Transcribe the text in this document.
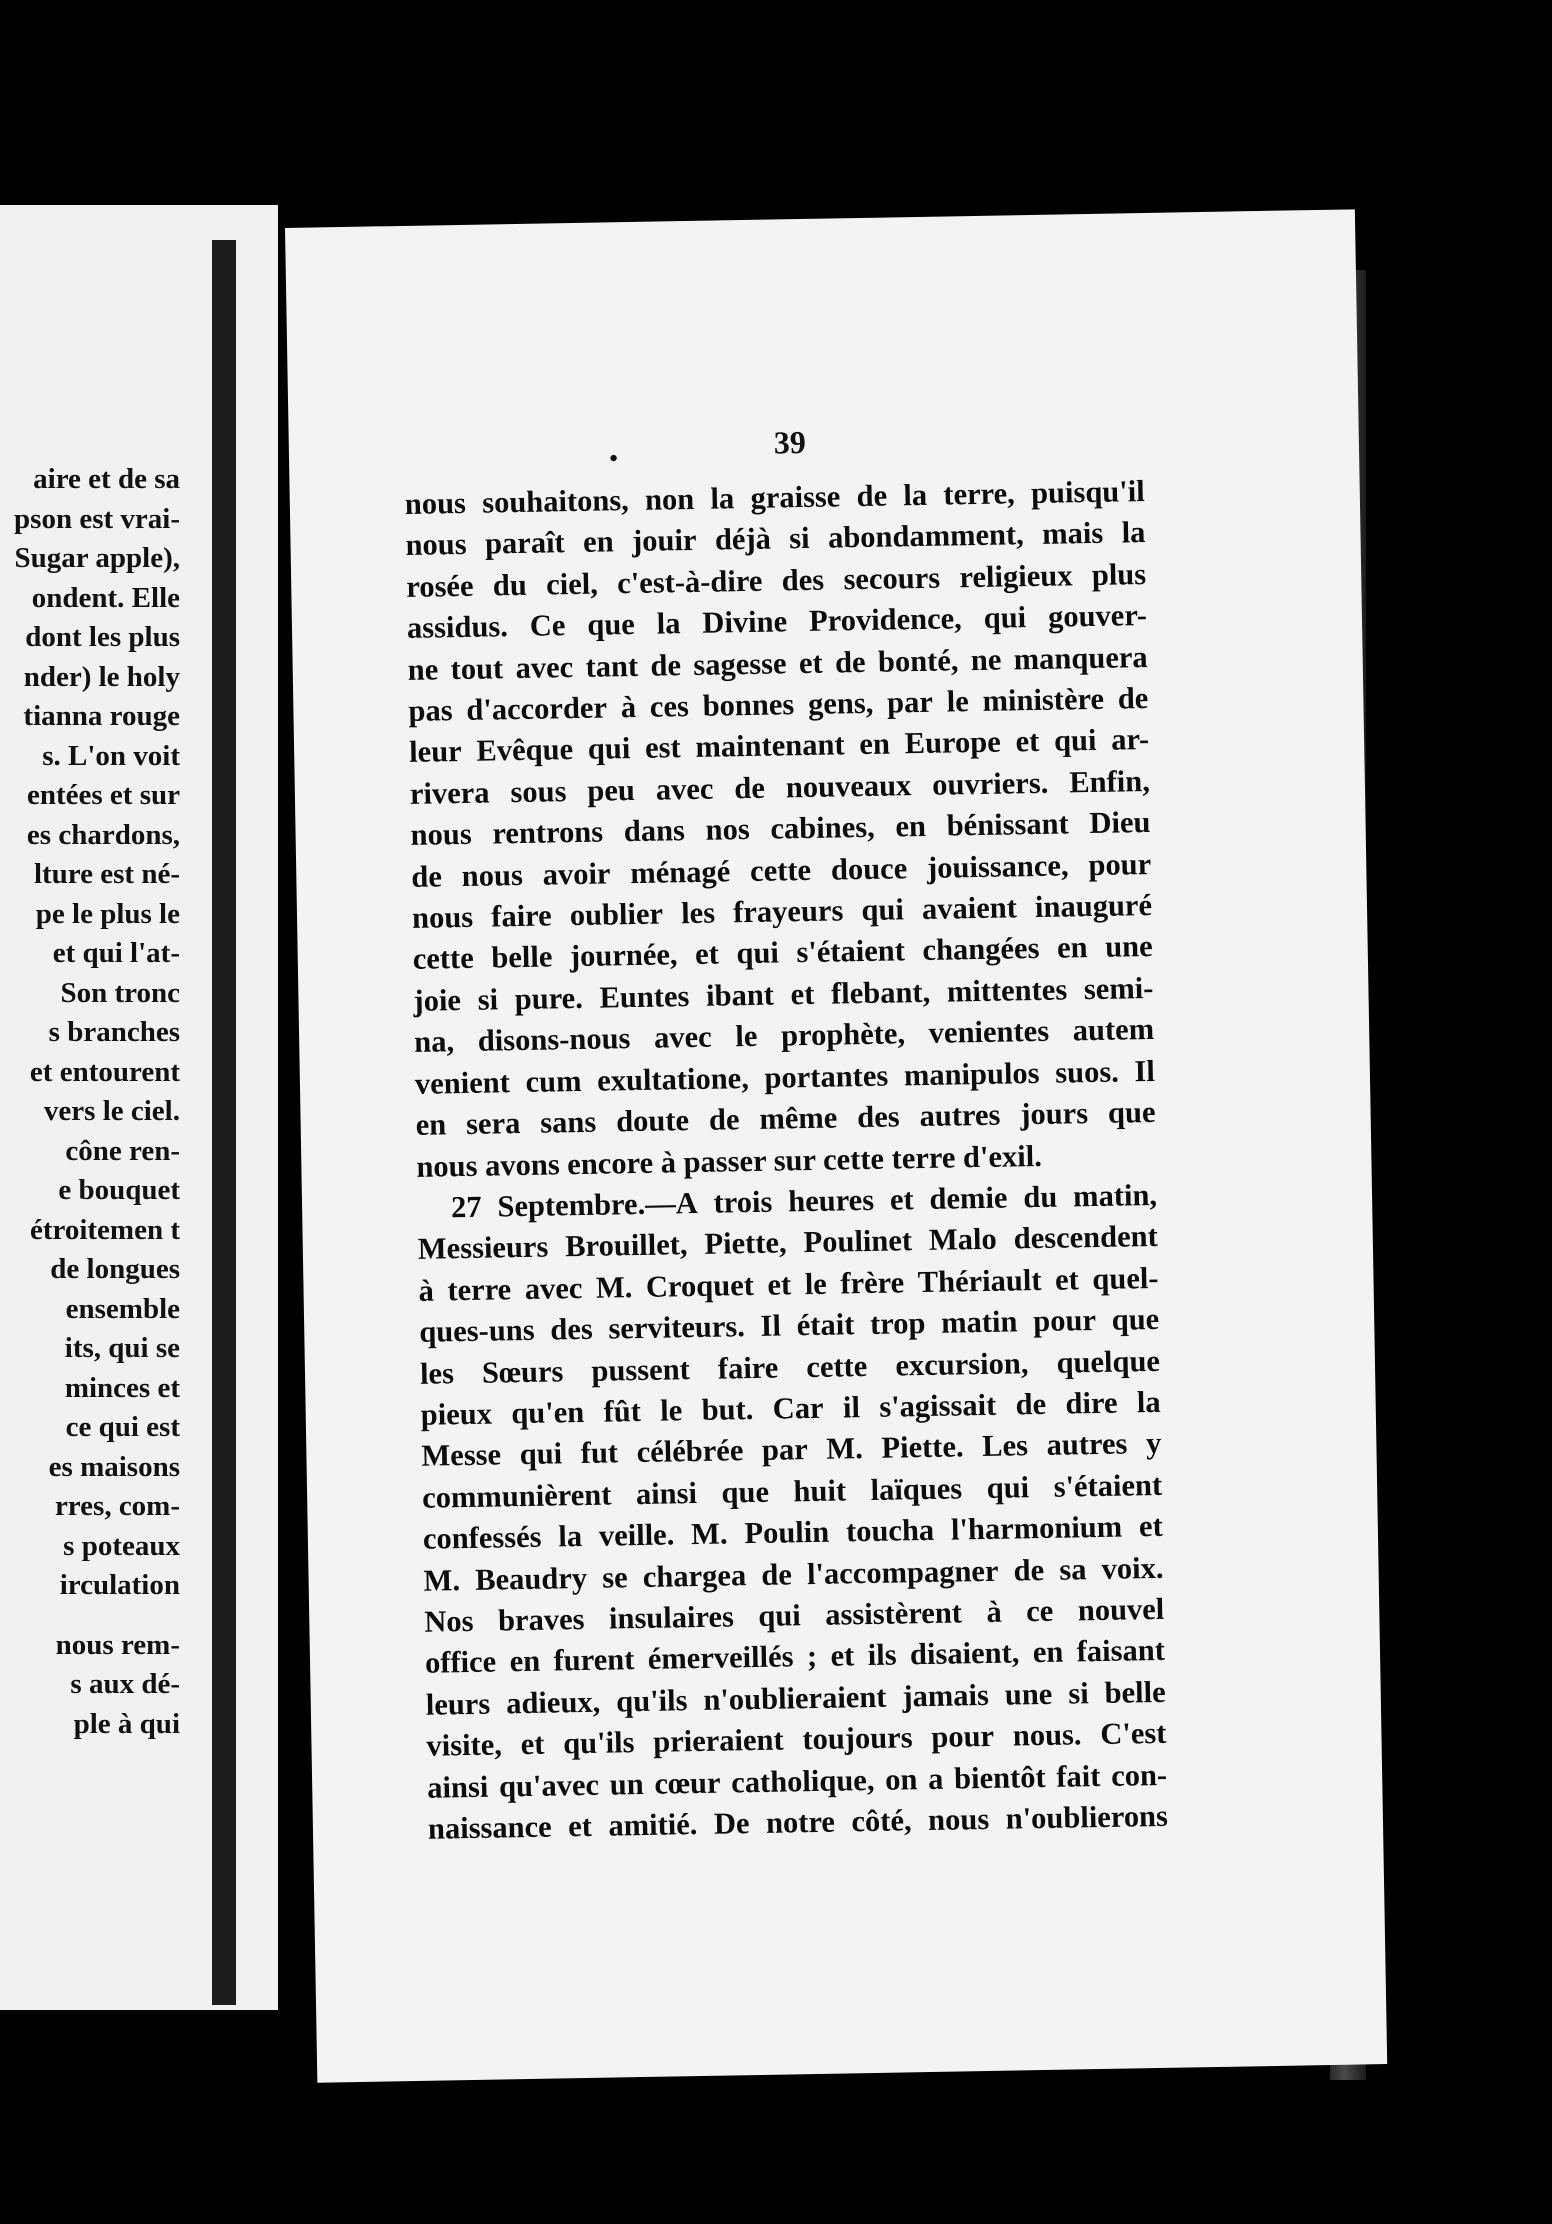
aire et de sa
pson est vrai-
Sugar apple),
ondent. Elle
dont les plus
nder) le holy
tianna rouge
s. L'on voit
entées et sur
es chardons,
lture est né-
pe le plus le
et qui l'at-
Son tronc
s branches
et entourent
vers le ciel.
cône ren-
e bouquet
étroitemen t
de longues
ensemble
its, qui se
minces et
ce qui est
es maisons
rres, com-
s poteaux
irculation
nous rem-
s aux dé-
ple à qui
•	39
nous souhaitons, non la graisse de la terre, puisqu'il
nous paraît en jouir déjà si abondamment, mais la
rosée du ciel, c'est-à-dire des secours religieux plus
assidus. Ce que la Divine Providence, qui gouver-
ne tout avec tant de sagesse et de bonté, ne manquera
pas d'accorder à ces bonnes gens, par le ministère de
leur Evêque qui est maintenant en Europe et qui ar-
rivera sous peu avec de nouveaux ouvriers. Enfin,
nous rentrons dans nos cabines, en bénissant Dieu
de nous avoir ménagé cette douce jouissance, pour
nous faire oublier les frayeurs qui avaient inauguré
cette belle journée, et qui s'étaient changées en une
joie si pure. Euntes ibant et flebant, mittentes semi-
na, disons-nous avec le prophète, venientes autem
venient cum exultatione, portantes manipulos suos. Il
en sera sans doute de même des autres jours que
nous avons encore à passer sur cette terre d'exil.
27 Septembre.—A trois heures et demie du matin,
Messieurs Brouillet, Piette, Poulinet Malo descendent
à terre avec M. Croquet et le frère Thériault et quel-
ques-uns des serviteurs. Il était trop matin pour que
les Sœurs pussent faire cette excursion, quelque
pieux qu'en fût le but. Car il s'agissait de dire la
Messe qui fut célébrée par M. Piette. Les autres y
communièrent ainsi que huit laïques qui s'étaient
confessés la veille. M. Poulin toucha l'harmonium et
M. Beaudry se chargea de l'accompagner de sa voix.
Nos braves insulaires qui assistèrent à ce nouvel
office en furent émerveillés ; et ils disaient, en faisant
leurs adieux, qu'ils n'oublieraient jamais une si belle
visite, et qu'ils prieraient toujours pour nous. C'est
ainsi qu'avec un cœur catholique, on a bientôt fait con-
naissance et amitié. De notre côté, nous n'oublierons
